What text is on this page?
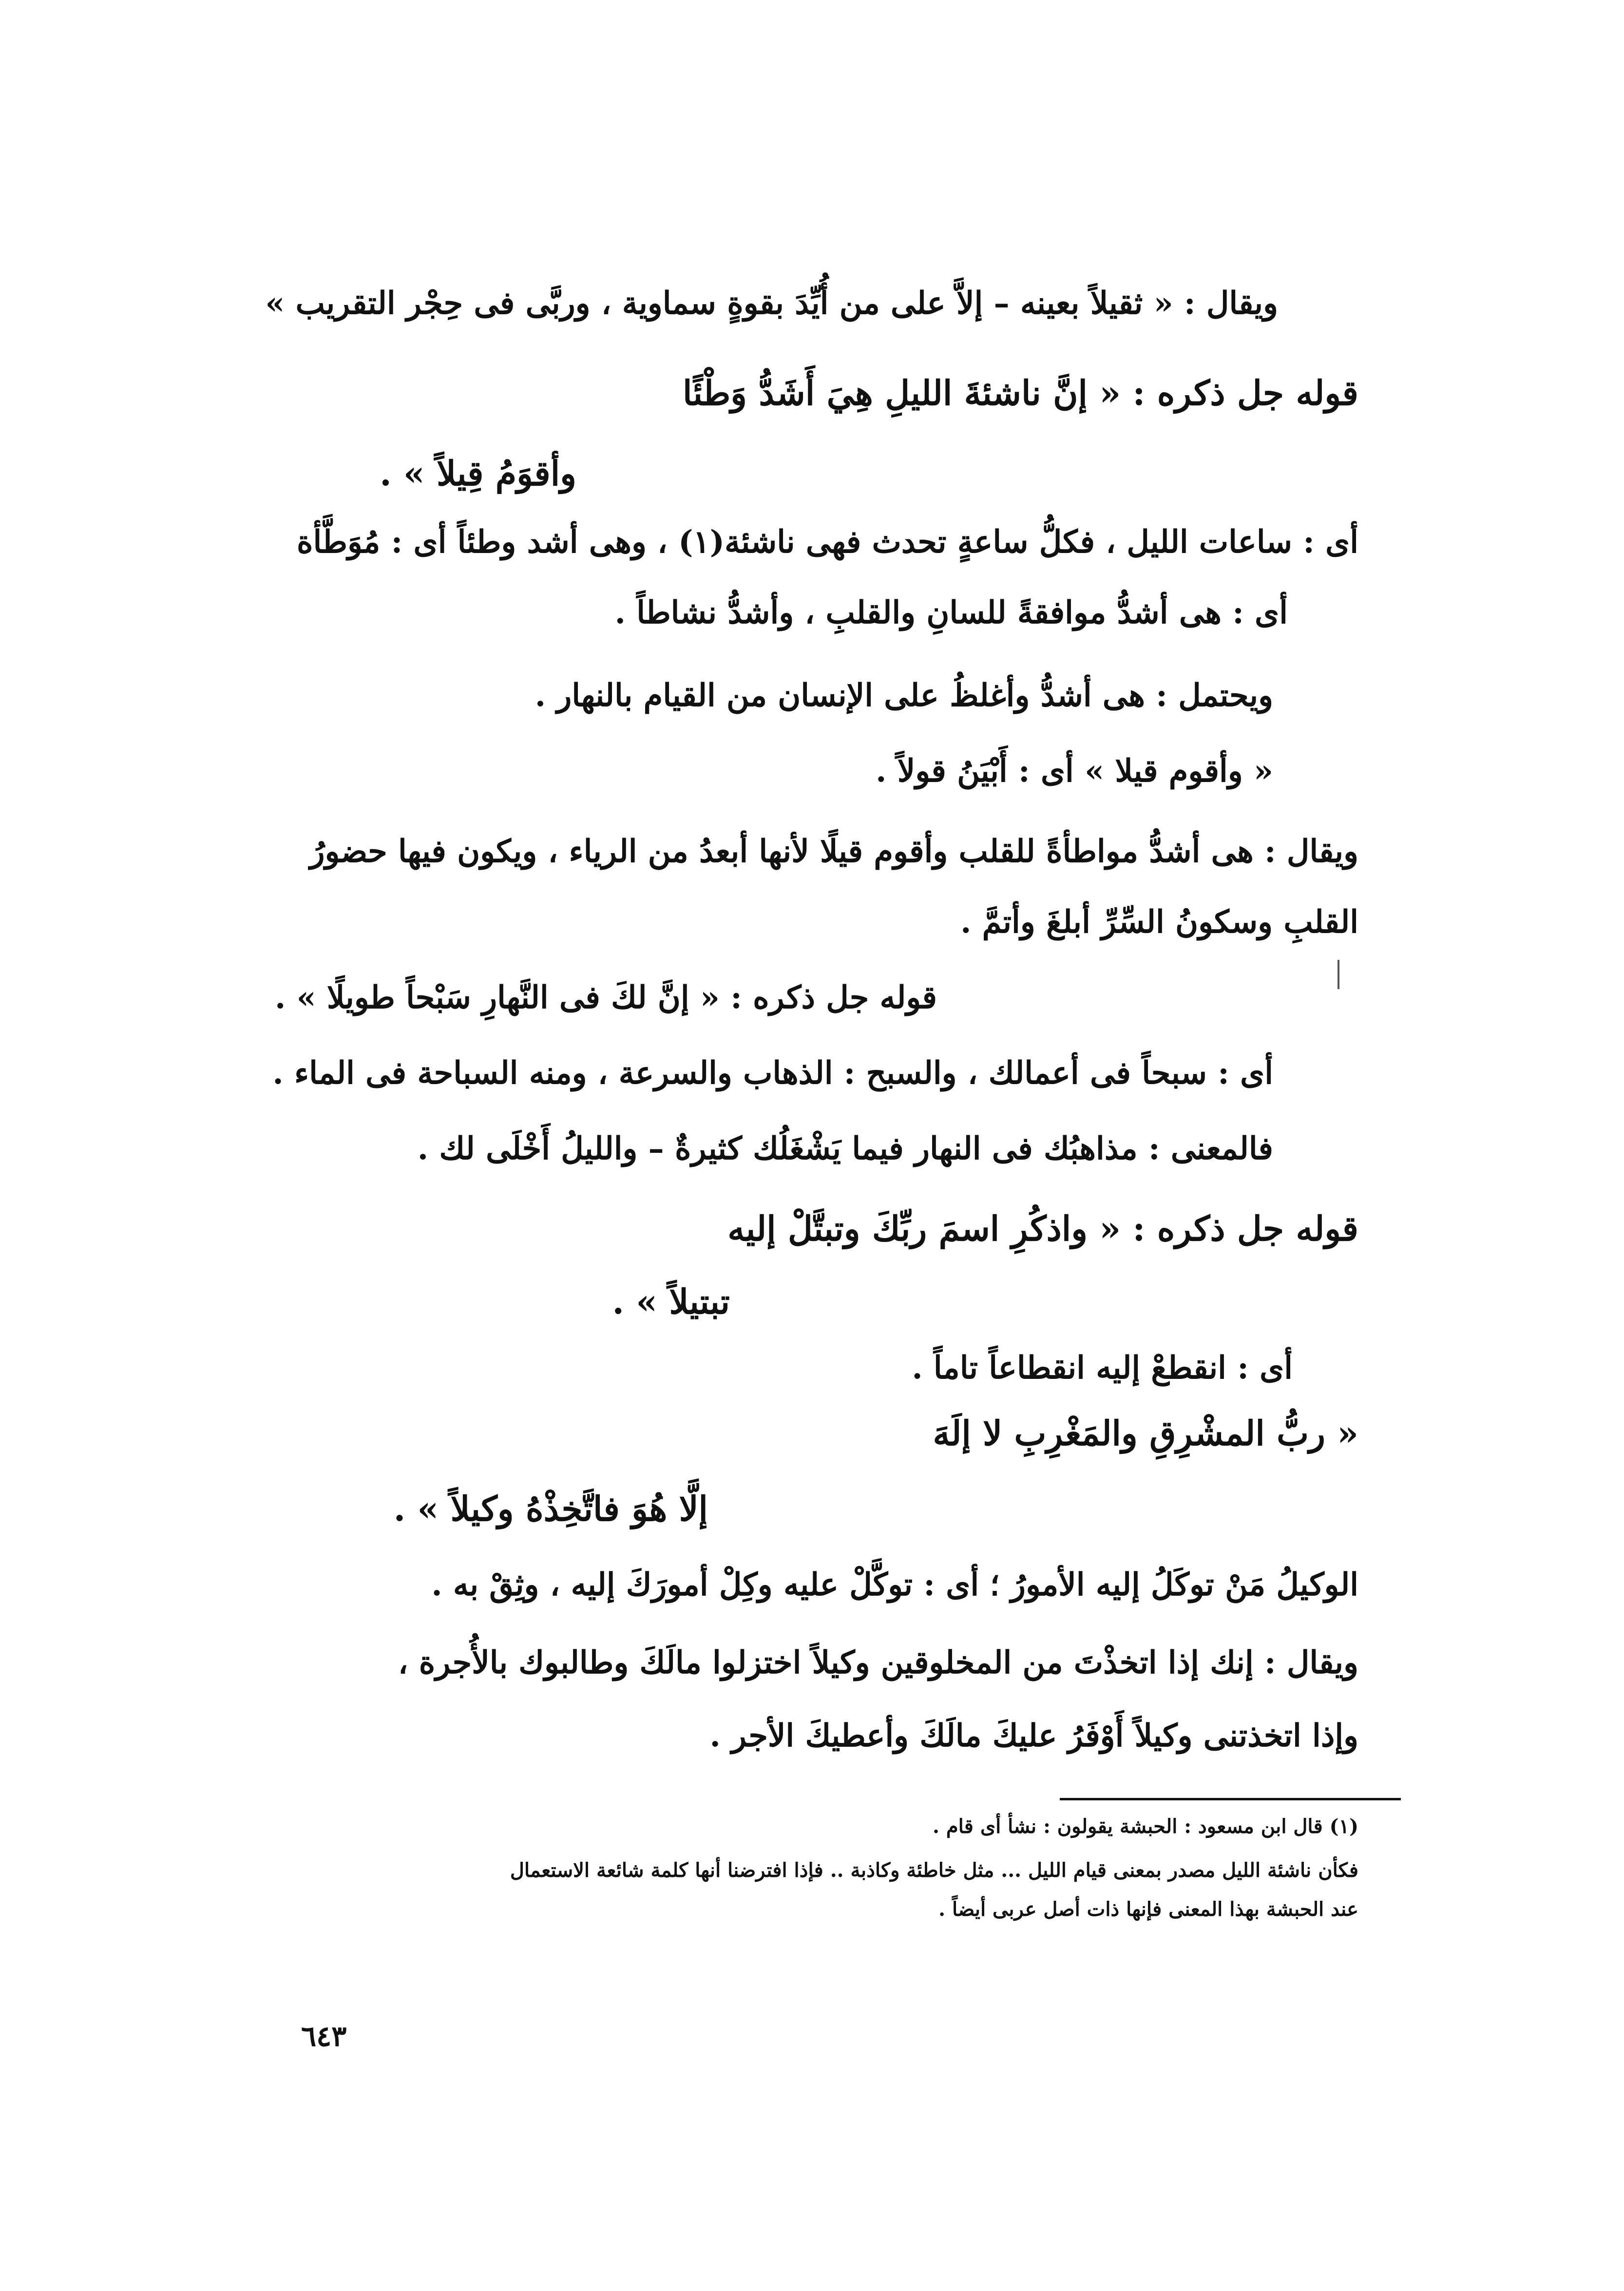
ويقال : « ثقيلاً بعينه – إلاَّ على من أُيِّدَ بقوةٍ سماوية ، وربَّى فى حِجْر التقريب »
قوله جل ذكره : « إنَّ ناشئةَ الليلِ هِيَ أَشَدُّ وَطْئًا
وأقوَمُ قِيلاً » .
أى : ساعات الليل ، فكلُّ ساعةٍ تحدث فهى ناشئة(١) ، وهى أشد وطئاً أى : مُوَطَّأة
أى : هى أشدُّ موافقةً للسانِ والقلبِ ، وأشدُّ نشاطاً .
ويحتمل : هى أشدُّ وأغلظُ على الإنسان من القيام بالنهار .
« وأقوم قيلا » أى : أَبْيَنُ قولاً .
ويقال : هى أشدُّ مواطأةً للقلب وأقوم قيلًا لأنها أبعدُ من الرياء ، ويكون فيها حضورُ
القلبِ وسكونُ السِّرِّ أبلغَ وأتمَّ .
قوله جل ذكره : « إنَّ لكَ فى النَّهارِ سَبْحاً طويلًا » .
أى : سبحاً فى أعمالك ، والسبح : الذهاب والسرعة ، ومنه السباحة فى الماء .
فالمعنى : مذاهبُك فى النهار فيما يَشْغَلُك كثيرةٌ – والليلُ أَخْلَى لك .
قوله جل ذكره : « واذكُرِ اسمَ ربِّكَ وتبتَّلْ إليه
تبتيلاً » .
أى : انقطعْ إليه انقطاعاً تاماً .
« ربُّ المشْرِقِ والمَغْرِبِ لا إلَهَ
إلَّا هُوَ فاتَّخِذْهُ وكيلاً » .
الوكيلُ مَنْ توكَلُ إليه الأمورُ ؛ أى : توكَّلْ عليه وكِلْ أمورَكَ إليه ، وثِقْ به .
ويقال : إنك إذا اتخذْتَ من المخلوقين وكيلاً اختزلوا مالَكَ وطالبوك بالأُجرة ،
وإذا اتخذتنى وكيلاً أَوْفَرُ عليكَ مالَكَ وأعطيكَ الأجر .
(١) قال ابن مسعود : الحبشة يقولون : نشأ أى قام .
فكأن ناشئة الليل مصدر بمعنى قيام الليل ... مثل خاطئة وكاذبة .. فإذا افترضنا أنها كلمة شائعة الاستعمال
عند الحبشة بهذا المعنى فإنها ذات أصل عربى أيضاً .
٦٤٣
